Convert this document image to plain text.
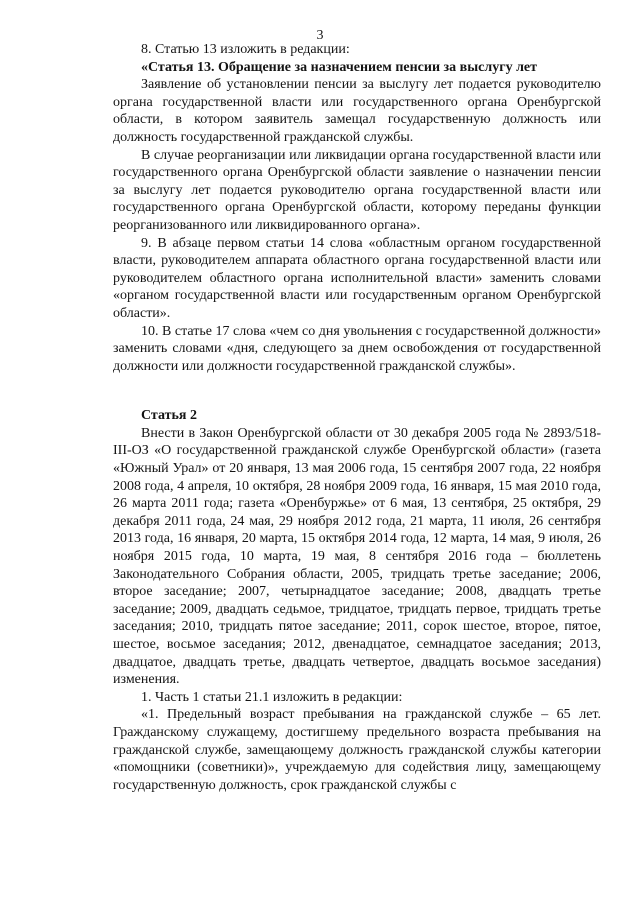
3

8. Статью 13 изложить в редакции:

«Статья 13. Обращение за назначением пенсии за выслугу лет

Заявление об установлении пенсии за выслугу лет подается руководителю органа государственной власти или государственного органа Оренбургской области, в котором заявитель замещал государственную должность или должность государственной гражданской службы.

В случае реорганизации или ликвидации органа государственной власти или государственного органа Оренбургской области заявление о назначении пенсии за выслугу лет подается руководителю органа государственной власти или государственного органа Оренбургской области, которому переданы функции реорганизованного или ликвидированного органа».

9. В абзаце первом статьи 14 слова «областным органом государственной власти, руководителем аппарата областного органа государственной власти или руководителем областного органа исполнительной власти» заменить словами «органом государственной власти или государственным органом Оренбургской области».

10. В статье 17 слова «чем со дня увольнения с государственной должности» заменить словами «дня, следующего за днем освобождения от государственной должности или должности государственной гражданской службы».

Статья 2

Внести в Закон Оренбургской области от 30 декабря 2005 года № 2893/518-III-ОЗ «О государственной гражданской службе Оренбургской области» (газета «Южный Урал» от 20 января, 13 мая 2006 года, 15 сентября 2007 года, 22 ноября 2008 года, 4 апреля, 10 октября, 28 ноября 2009 года, 16 января, 15 мая 2010 года, 26 марта 2011 года; газета «Оренбуржье» от 6 мая, 13 сентября, 25 октября, 29 декабря 2011 года, 24 мая, 29 ноября 2012 года, 21 марта, 11 июля, 26 сентября 2013 года, 16 января, 20 марта, 15 октября 2014 года, 12 марта, 14 мая, 9 июля, 26 ноября 2015 года, 10 марта, 19 мая, 8 сентября 2016 года – бюллетень Законодательного Собрания области, 2005, тридцать третье заседание; 2006, второе заседание; 2007, четырнадцатое заседание; 2008, двадцать третье заседание; 2009, двадцать седьмое, тридцатое, тридцать первое, тридцать третье заседания; 2010, тридцать пятое заседание; 2011, сорок шестое, второе, пятое, шестое, восьмое заседания; 2012, двенадцатое, семнадцатое заседания; 2013, двадцатое, двадцать третье, двадцать четвертое, двадцать восьмое заседания) изменения.

1. Часть 1 статьи 21.1 изложить в редакции:

«1. Предельный возраст пребывания на гражданской службе – 65 лет. Гражданскому служащему, достигшему предельного возраста пребывания на гражданской службе, замещающему должность гражданской службы категории «помощники (советники)», учреждаемую для содействия лицу, замещающему государственную должность, срок гражданской службы с
